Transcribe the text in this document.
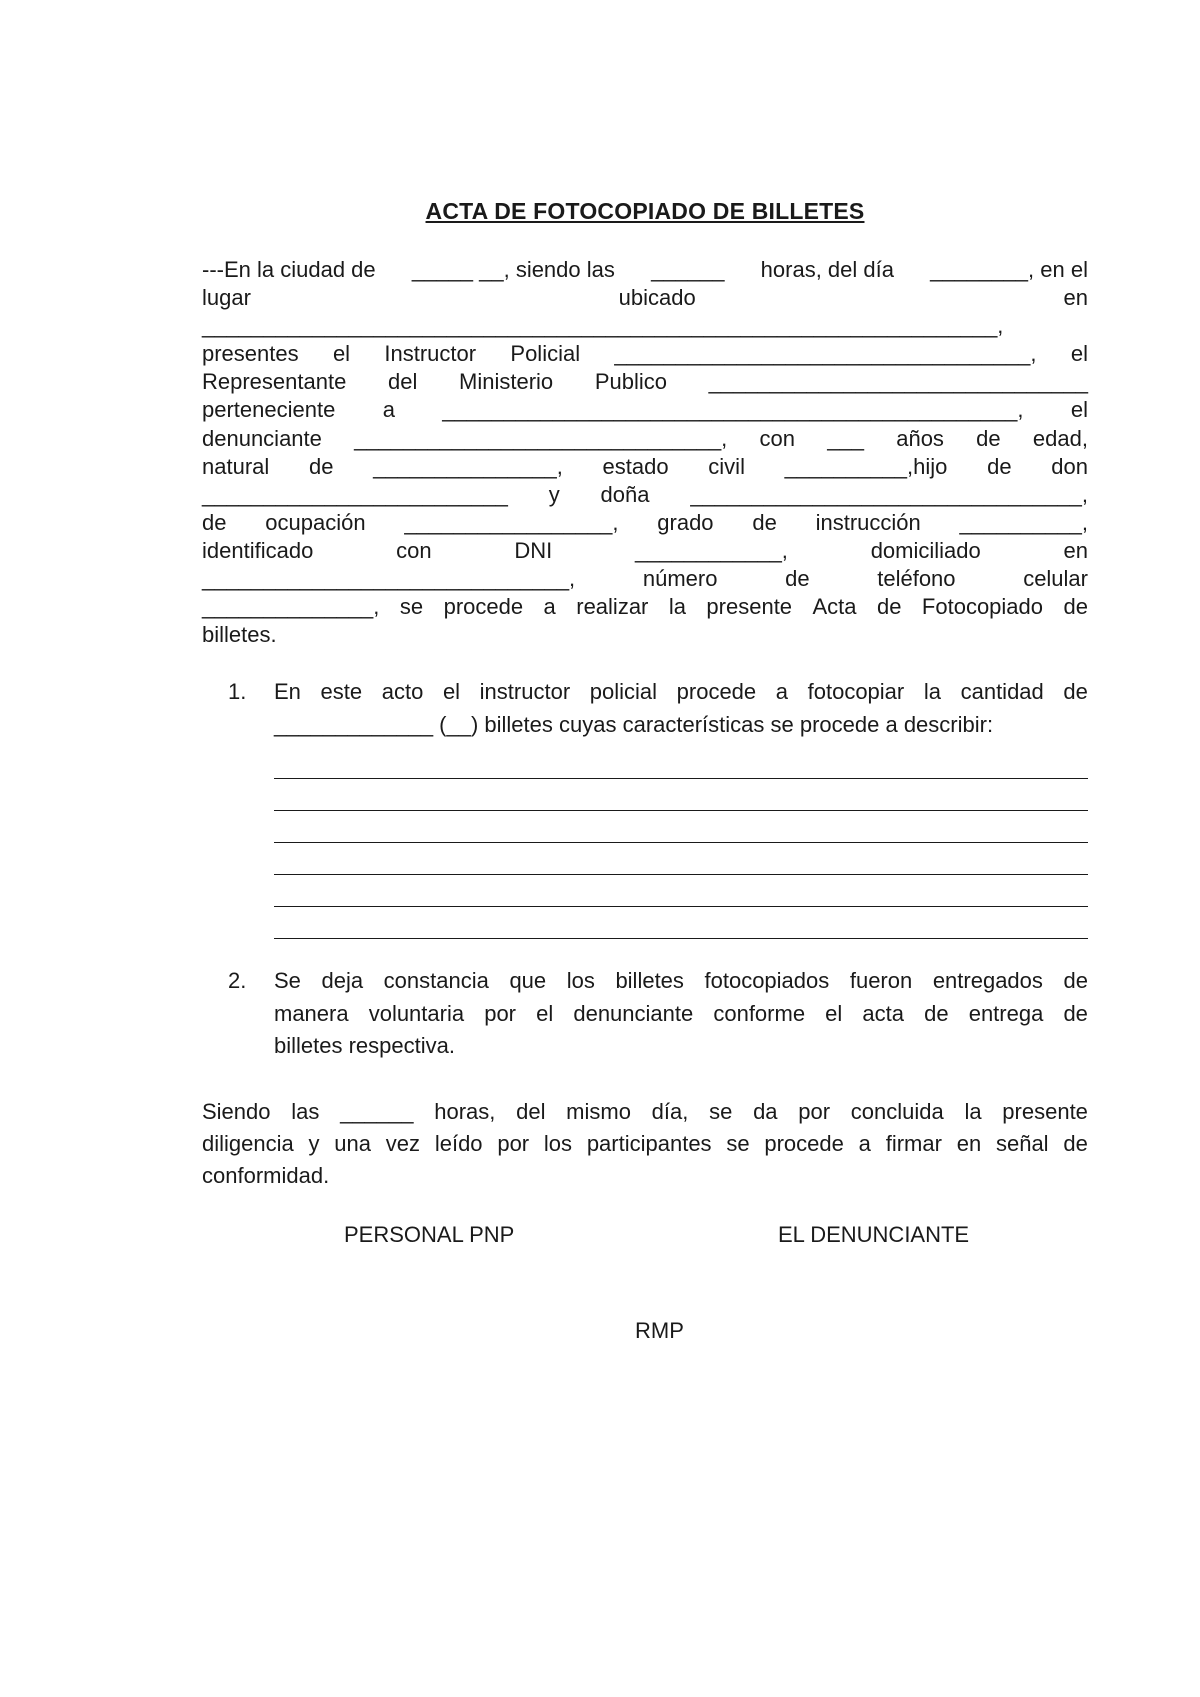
ACTA DE FOTOCOPIADO DE BILLETES
---En la ciudad de _____ __, siendo las ______ horas, del día ________, en el
lugar	ubicado	en
_________________________________________________________________,
presentes el Instructor Policial __________________________________, el
Representante del Ministerio Publico _______________________________
perteneciente a _______________________________________________, el
denunciante ______________________________, con ___ años de edad,
natural de _______________, estado civil __________,hijo de don
_________________________ y doña ________________________________,
de ocupación _________________, grado de instrucción __________,
identificado	con	DNI	____________,	domiciliado	en
______________________________,	número	de	teléfono	celular
______________, se procede a realizar la presente Acta de Fotocopiado de
billetes.
1. En este acto el instructor policial procede a fotocopiar la cantidad de
_____________ (__) billetes cuyas características se procede a describir:
2. Se deja constancia que los billetes fotocopiados fueron entregados de
manera voluntaria por el denunciante conforme el acta de entrega de
billetes respectiva.
Siendo las ______ horas, del mismo día, se da por concluida la presente
diligencia y una vez leído por los participantes se procede a firmar en señal de
conformidad.
PERSONAL PNP	EL DENUNCIANTE
RMP
